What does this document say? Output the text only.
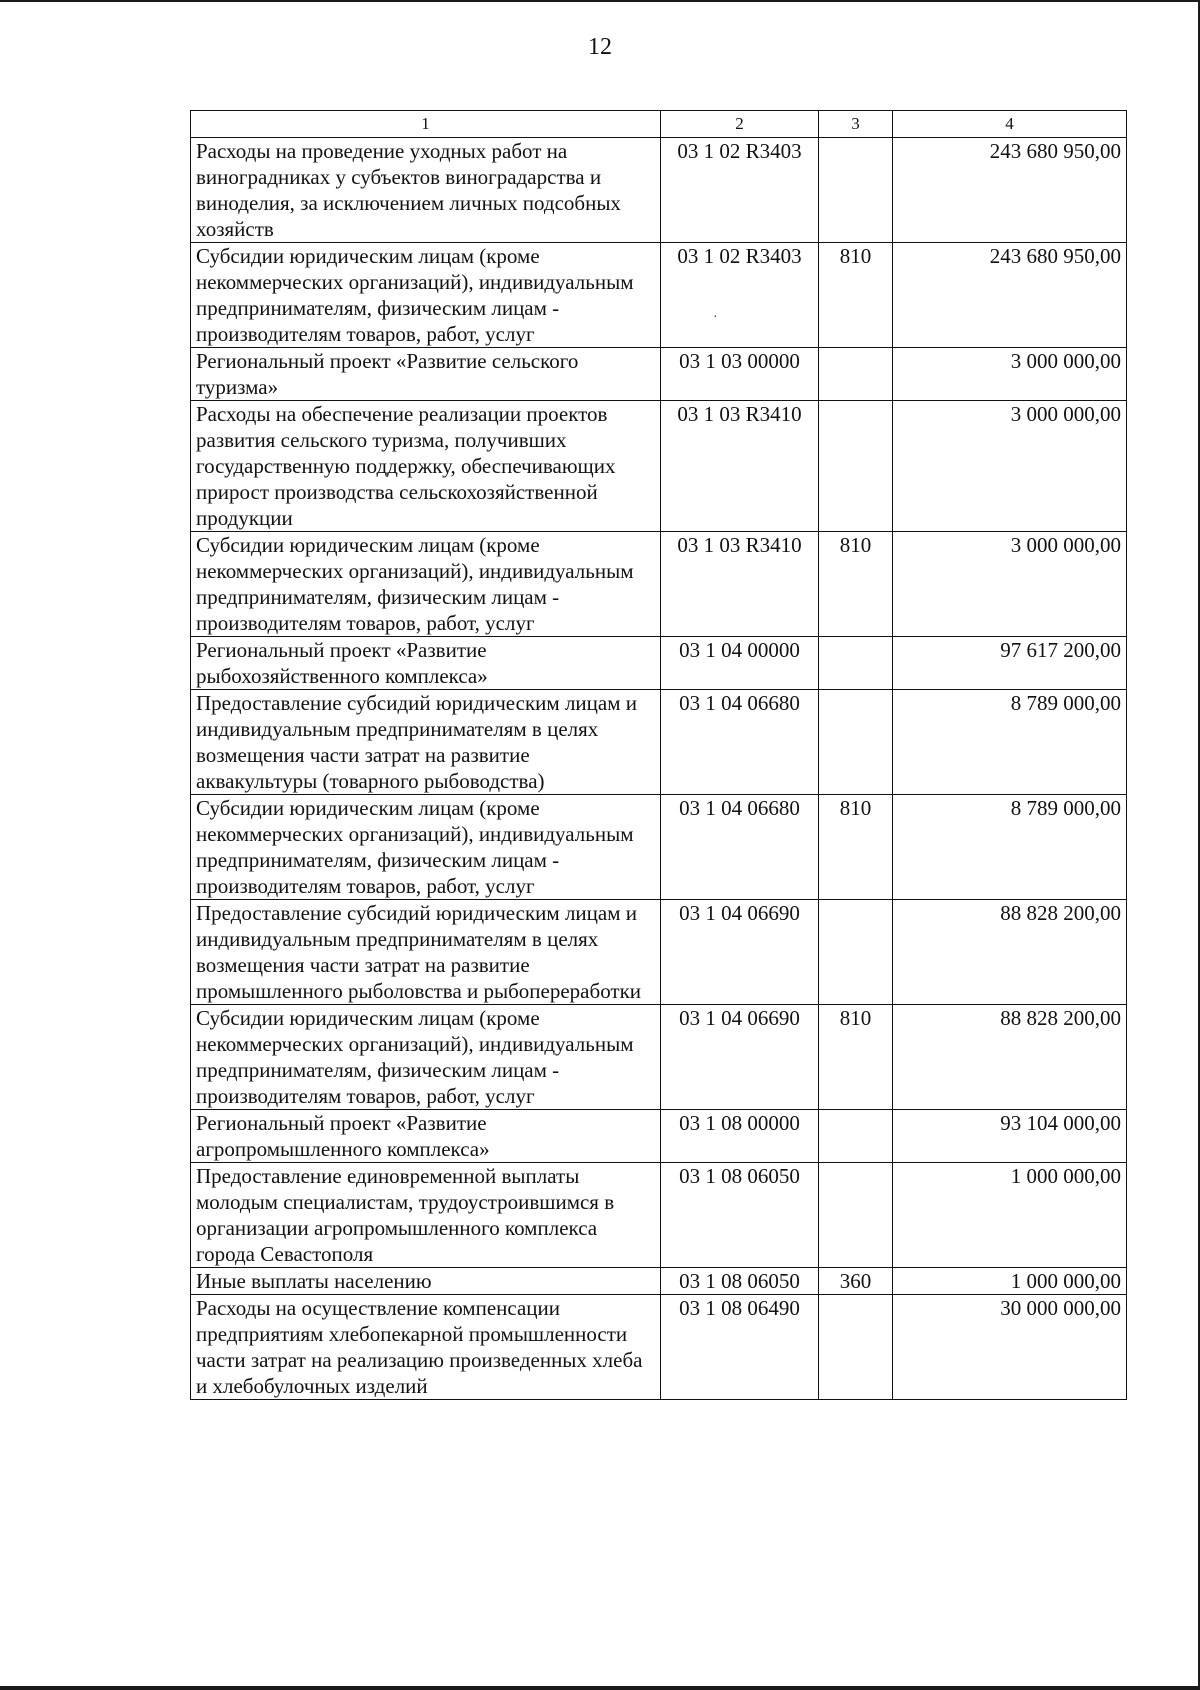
12
1	2	3	4
Расходы на проведение уходных работ на виноградниках у субъектов виноградарства и виноделия, за исключением личных подсобных хозяйств	03 1 02 R3403		243 680 950,00
Субсидии юридическим лицам (кроме некоммерческих организаций), индивидуальным предпринимателям, физическим лицам - производителям товаров, работ, услуг	03 1 02 R3403	810	243 680 950,00
Региональный проект «Развитие сельского туризма»	03 1 03 00000		3 000 000,00
Расходы на обеспечение реализации проектов развития сельского туризма, получивших государственную поддержку, обеспечивающих прирост производства сельскохозяйственной продукции	03 1 03 R3410		3 000 000,00
Субсидии юридическим лицам (кроме некоммерческих организаций), индивидуальным предпринимателям, физическим лицам - производителям товаров, работ, услуг	03 1 03 R3410	810	3 000 000,00
Региональный проект «Развитие рыбохозяйственного комплекса»	03 1 04 00000		97 617 200,00
Предоставление субсидий юридическим лицам и индивидуальным предпринимателям в целях возмещения части затрат на развитие аквакультуры (товарного рыбоводства)	03 1 04 06680		8 789 000,00
Субсидии юридическим лицам (кроме некоммерческих организаций), индивидуальным предпринимателям, физическим лицам - производителям товаров, работ, услуг	03 1 04 06680	810	8 789 000,00
Предоставление субсидий юридическим лицам и индивидуальным предпринимателям в целях возмещения части затрат на развитие промышленного рыболовства и рыбопереработки	03 1 04 06690		88 828 200,00
Субсидии юридическим лицам (кроме некоммерческих организаций), индивидуальным предпринимателям, физическим лицам - производителям товаров, работ, услуг	03 1 04 06690	810	88 828 200,00
Региональный проект «Развитие агропромышленного комплекса»	03 1 08 00000		93 104 000,00
Предоставление единовременной выплаты молодым специалистам, трудоустроившимся в организации агропромышленного комплекса города Севастополя	03 1 08 06050		1 000 000,00
Иные выплаты населению	03 1 08 06050	360	1 000 000,00
Расходы на осуществление компенсации предприятиям хлебопекарной промышленности части затрат на реализацию произведенных хлеба и хлебобулочных изделий	03 1 08 06490		30 000 000,00
·
